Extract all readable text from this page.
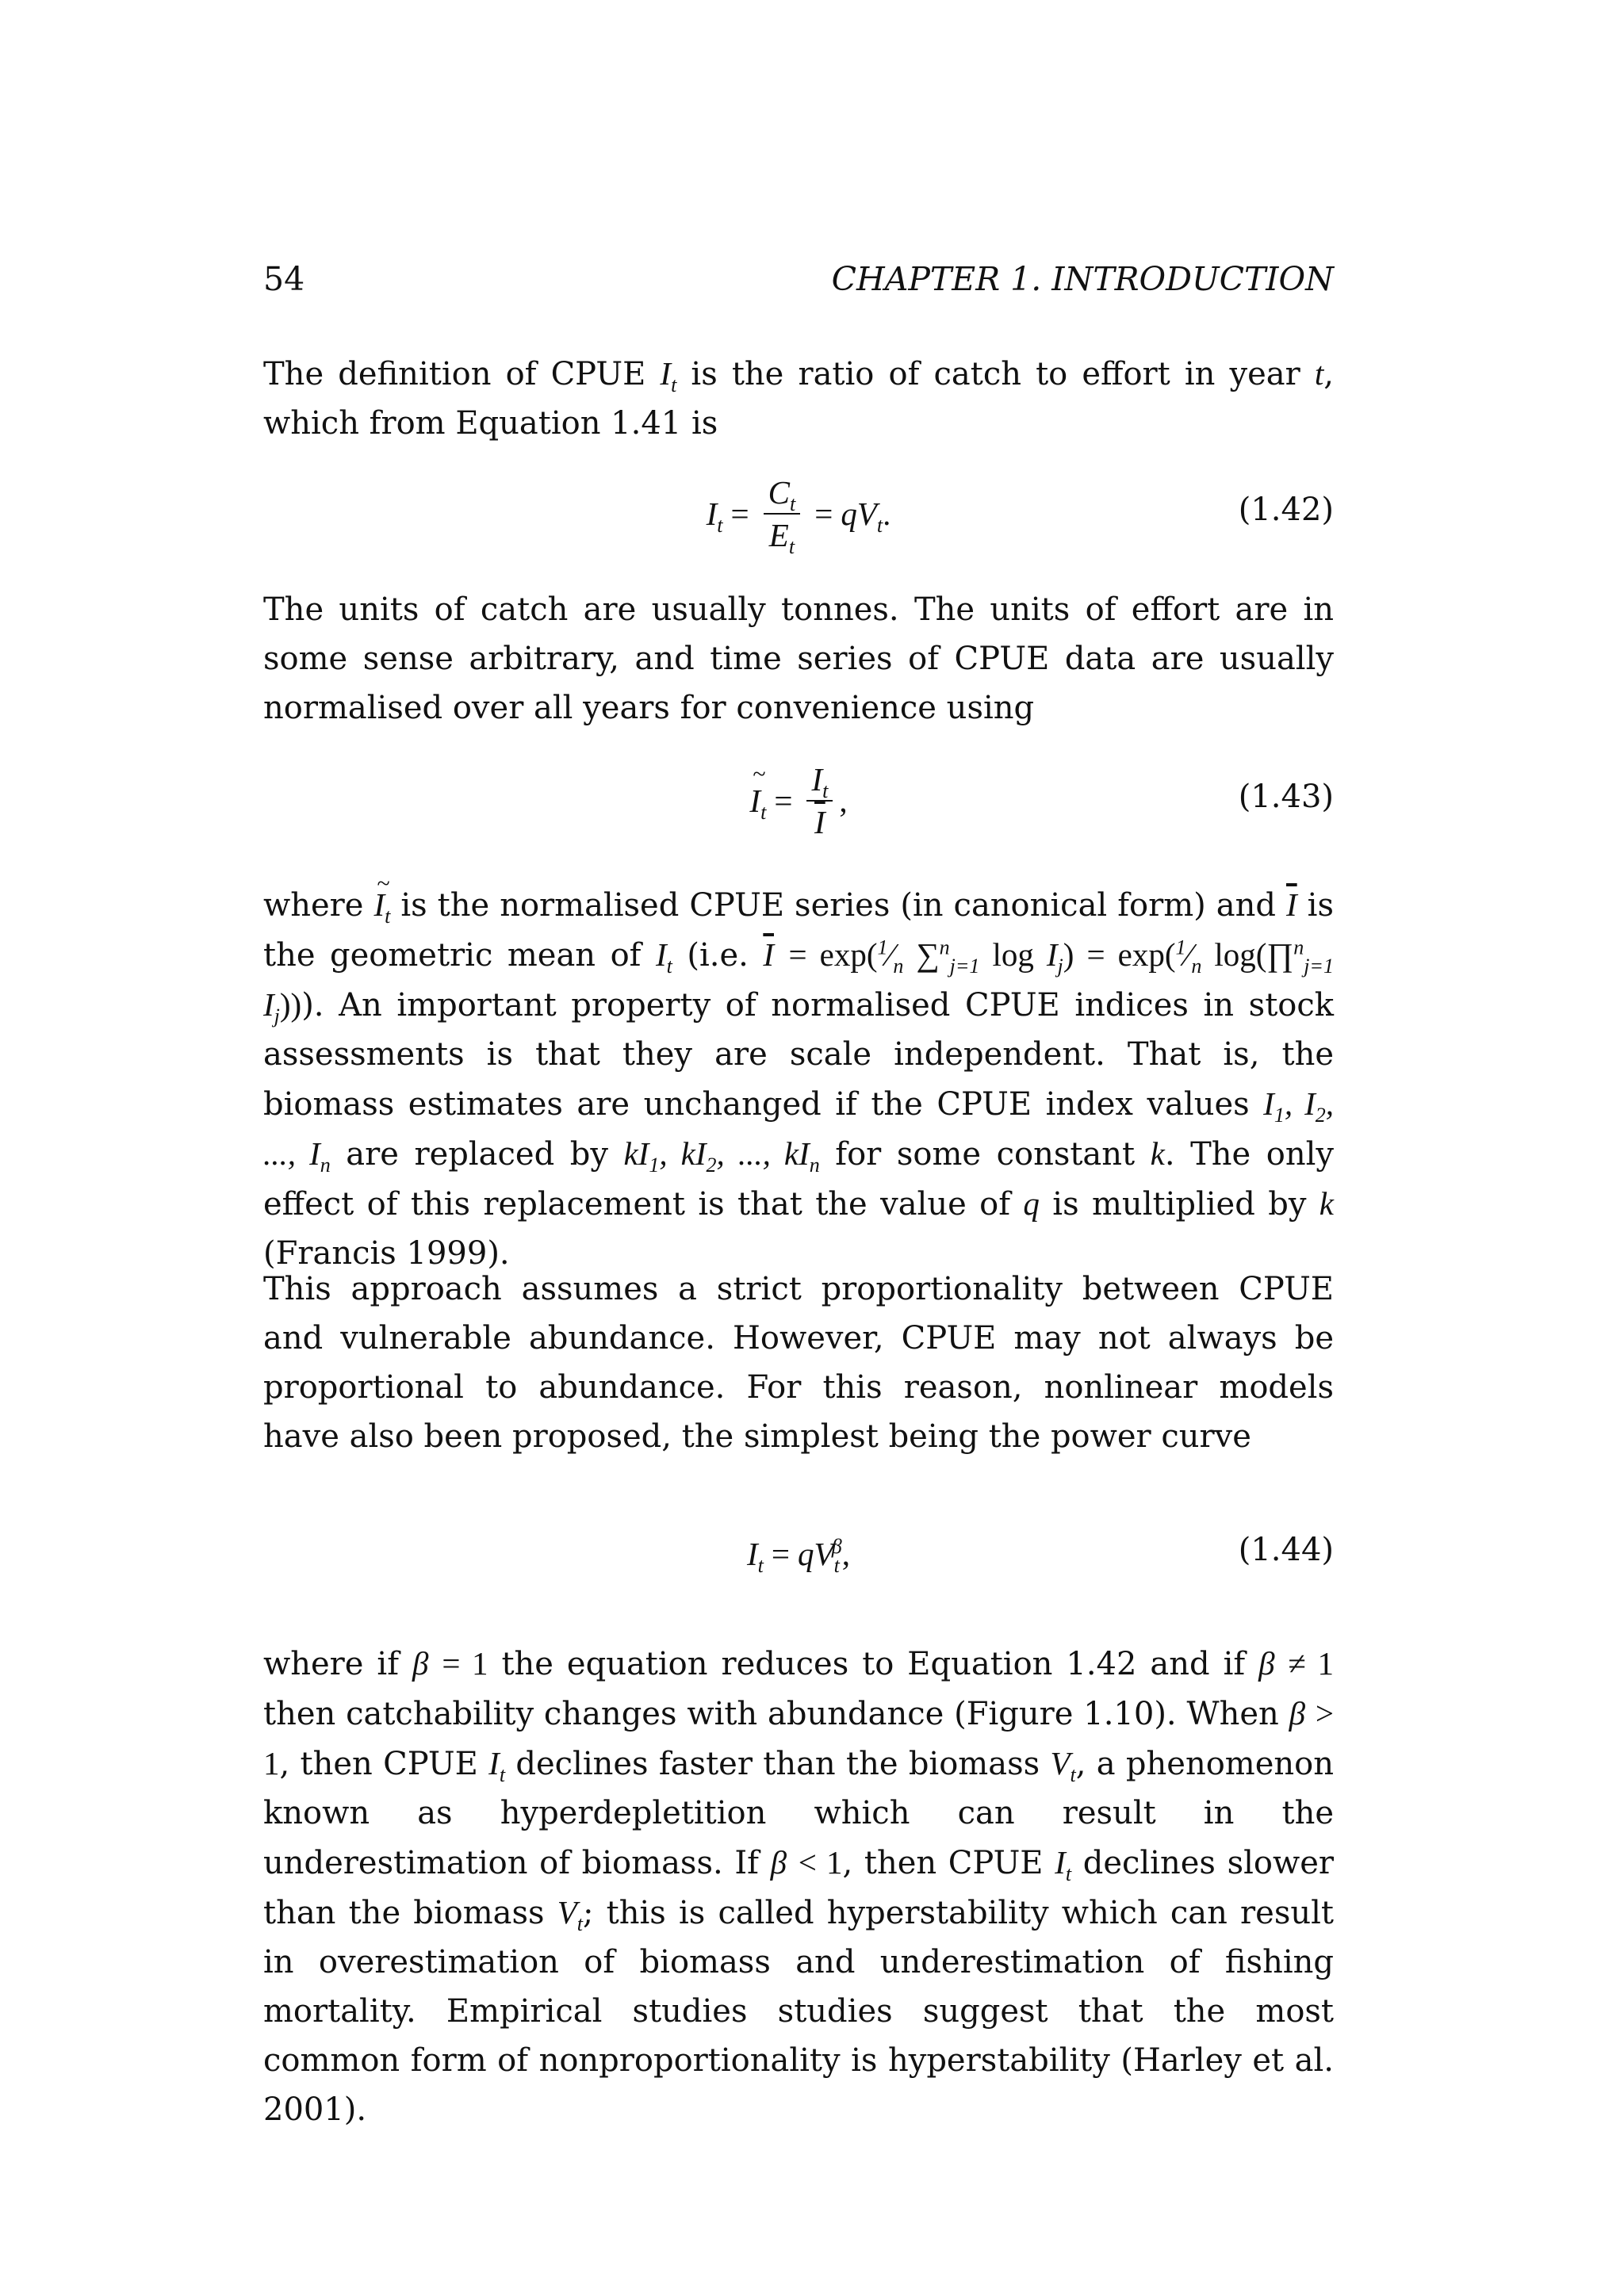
54	CHAPTER 1. INTRODUCTION
The definition of CPUE $I_t$ is the ratio of catch to effort in year t, which from Equation 1.41 is
$I_t = \frac{C_t}{E_t} = qV_t$ .	(1.42)
The units of catch are usually tonnes. The units of effort are in some sense arbitrary, and time series of CPUE data are usually normalised over all years for convenience using
~ $I_t = \frac{I_t}{I}$ ,	(1.43)
where ~ $I_t$ is the normalised CPUE series (in canonical form) and $\overline{I}$ is the geometric mean of $I_t$ (i.e. $\overline{I}$ = $\exp(^1⁄_n$ ∑$^n_{j=1}$ $\log I_j$) = $\exp(^1⁄_n$ log(∏$^n_{j=1}$ $I_j$))). An important property of normalised CPUE indices in stock assessments is that they are scale independent. That is, the biomass estimates are unchanged if the CPUE index values $I_1$, $I_2$, ..., $I_n$ are replaced by $kI_1$, $kI_2$, ..., $kI_n$ for some constant k. The only effect of this replacement is that the value of q is multiplied by k (Francis 1999).
This approach assumes a strict proportionality between CPUE and vulnerable abundance. However, CPUE may not always be proportional to abundance. For this reason, nonlinear models have also been proposed, the simplest being the power curve
$I_t = qV_t^\beta$ ,	(1.44)
where if β = 1 the equation reduces to Equation 1.42 and if β ≠ 1 then catchability changes with abundance (Figure 1.10). When β > 1, then CPUE $I_t$ declines faster than the biomass $V_t$, a phenomenon known as hyperdepletition which can result in the underestimation of biomass. If β < 1, then CPUE $I_t$ declines slower than the biomass $V_t$; this is called hyperstability which can result in overestimation of biomass and underestimation of fishing mortality. Empirical studies studies suggest that the most common form of nonproportionality is hyperstability (Harley et al. 2001).
